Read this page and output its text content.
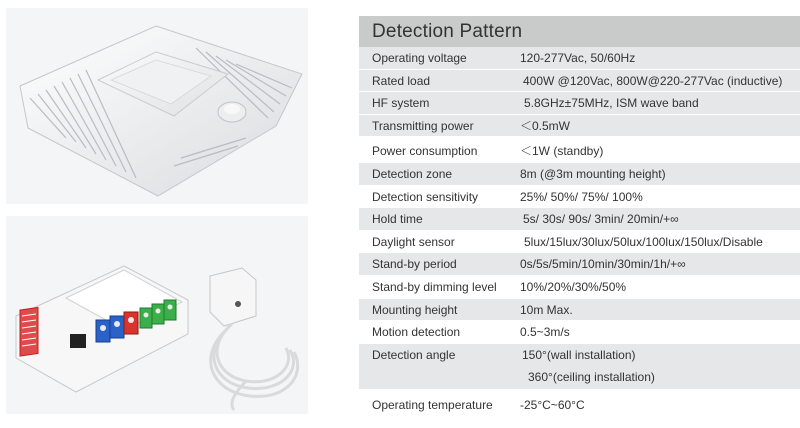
Detection Pattern
Operating voltage	120-277Vac, 50/60Hz
Rated load	400W @120Vac, 800W@220-277Vac (inductive)
HF system	5.8GHz±75MHz, ISM wave band
Transmitting power	＜0.5mW
Power consumption	＜1W (standby)
Detection zone	8m (@3m mounting height)
Detection sensitivity	25%/ 50%/ 75%/ 100%
Hold time	5s/ 30s/ 90s/ 3min/ 20min/+∞
Daylight sensor	5lux/15lux/30lux/50lux/100lux/150lux/Disable
Stand-by period	0s/5s/5min/10min/30min/1h/+∞
Stand-by dimming level 10%/20%/30%/50%
Mounting height	10m Max.
Motion detection	0.5~3m/s
Detection angle	150°(wall installation)
360°(ceiling installation)
Operating temperature -25°C~60°C
